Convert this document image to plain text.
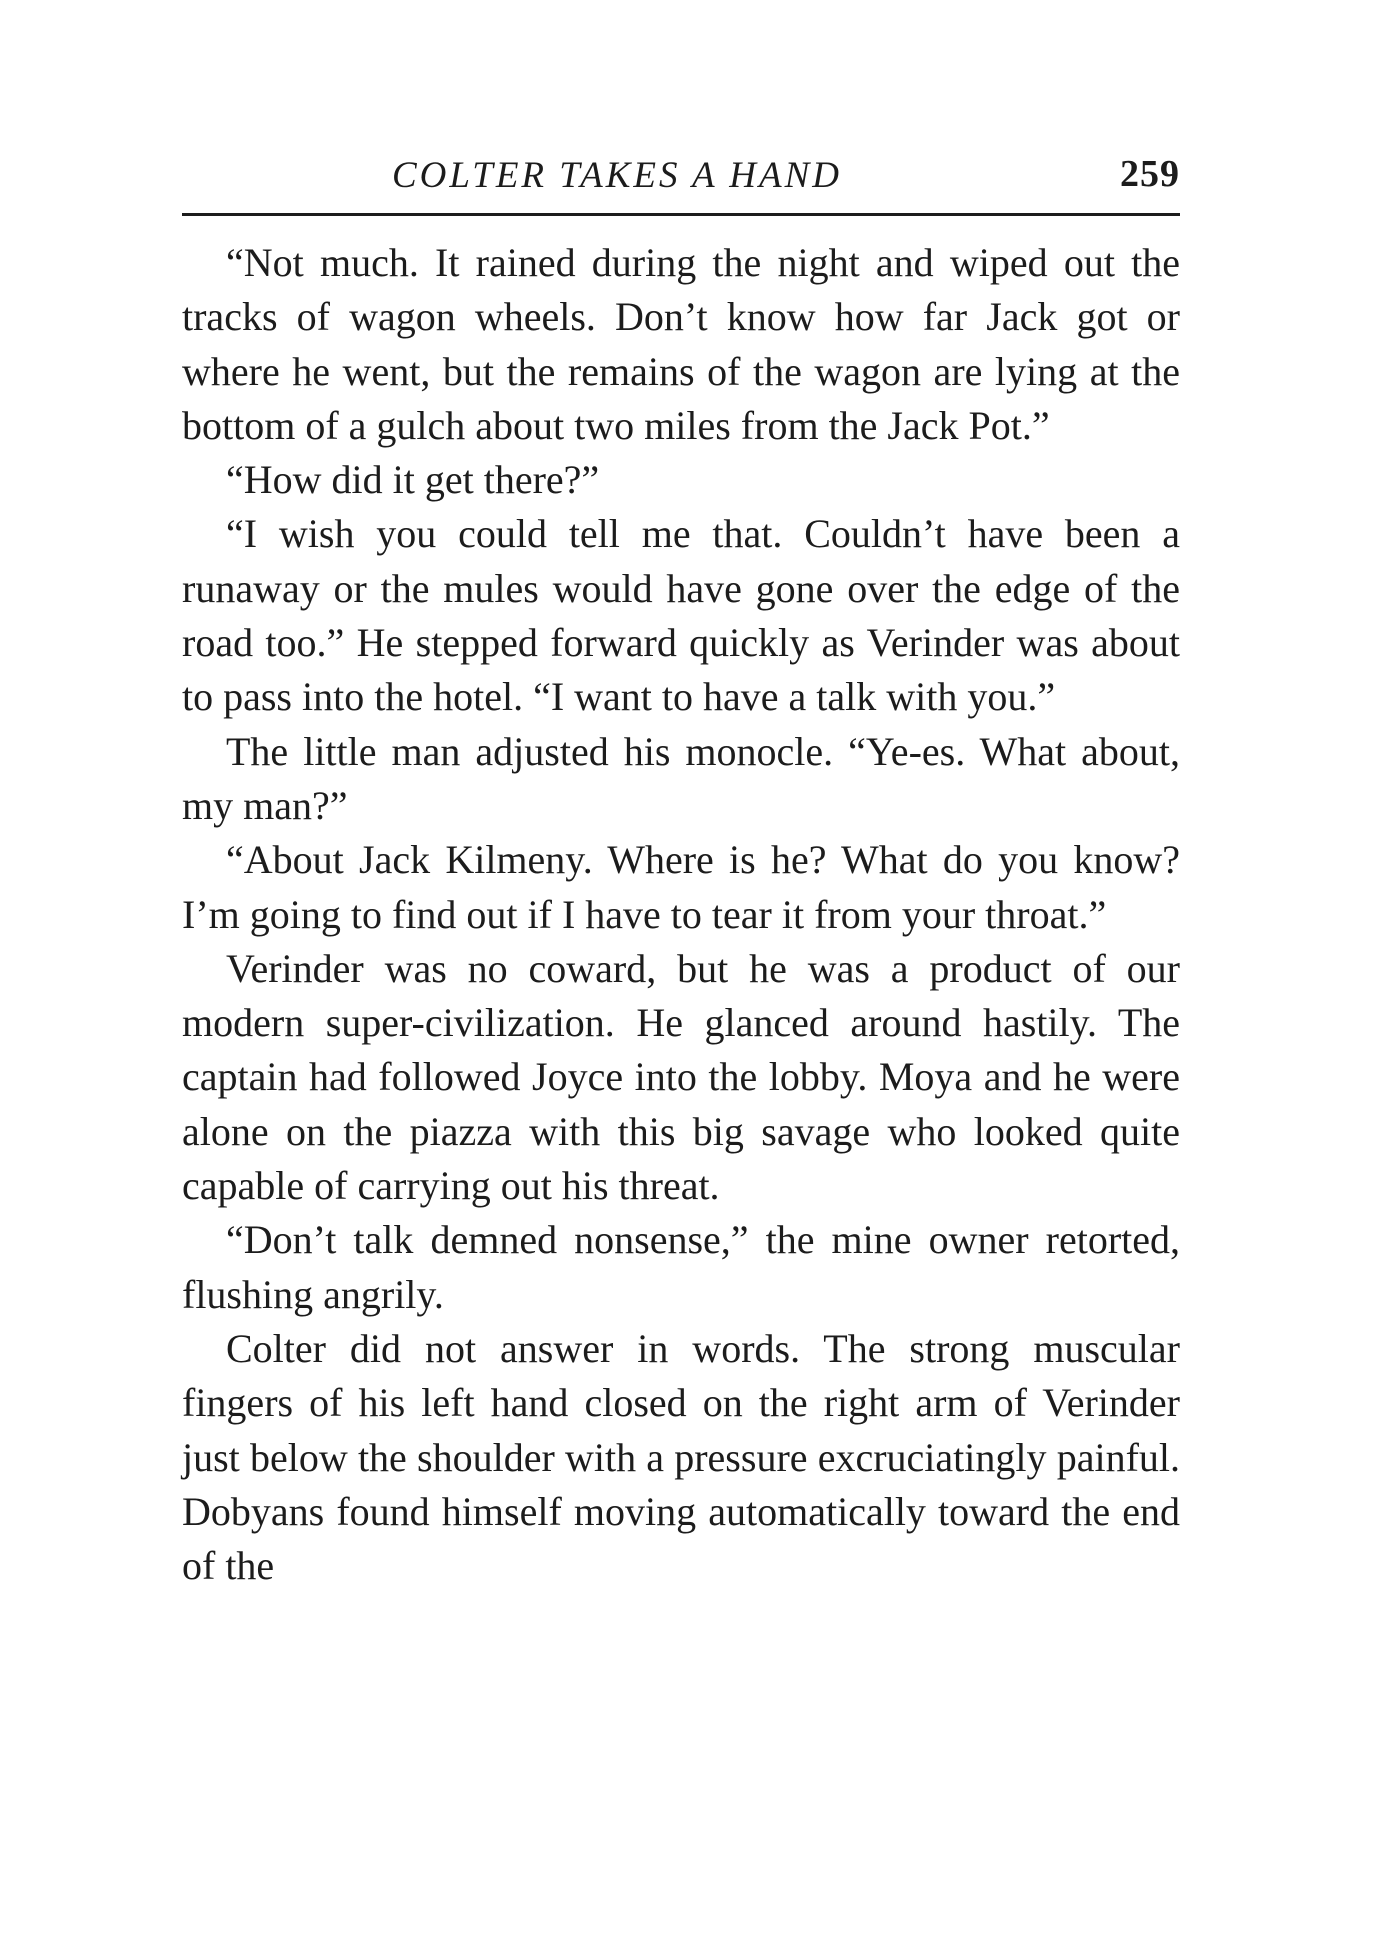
COLTER TAKES A HAND	259

“Not much. It rained during the night and wiped out the tracks of wagon wheels. Don’t know how far Jack got or where he went, but the remains of the wagon are lying at the bottom of a gulch about two miles from the Jack Pot.”

“How did it get there?”

“I wish you could tell me that. Couldn’t have been a runaway or the mules would have gone over the edge of the road too.” He stepped forward quickly as Verinder was about to pass into the hotel. “I want to have a talk with you.”

The little man adjusted his monocle. “Ye-es. What about, my man?”

“About Jack Kilmeny. Where is he? What do you know? I’m going to find out if I have to tear it from your throat.”

Verinder was no coward, but he was a product of our modern super-civilization. He glanced around hastily. The captain had followed Joyce into the lobby. Moya and he were alone on the piazza with this big savage who looked quite capable of carrying out his threat.

“Don’t talk demned nonsense,” the mine owner retorted, flushing angrily.

Colter did not answer in words. The strong muscular fingers of his left hand closed on the right arm of Verinder just below the shoulder with a pressure excruciatingly painful. Dobyans found himself moving automatically toward the end of the
